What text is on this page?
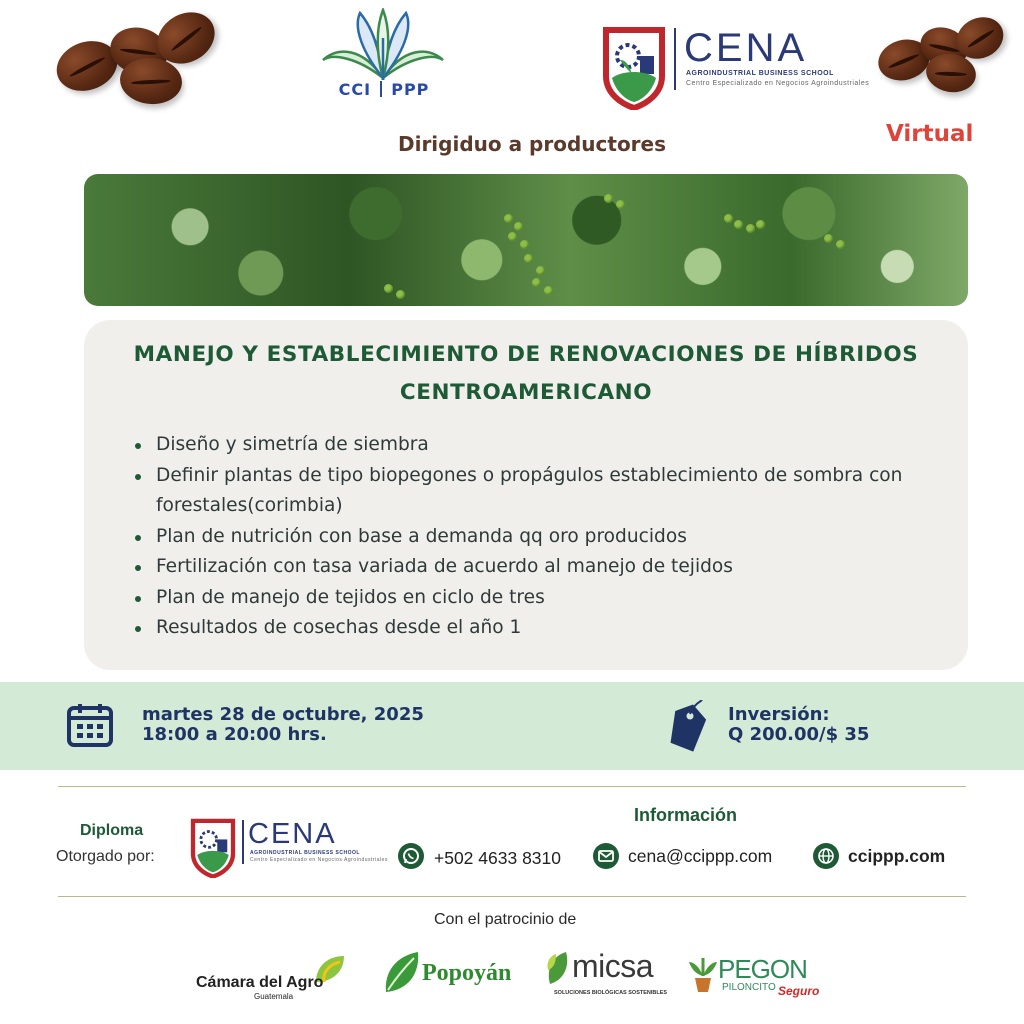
CCI PPP
CENA
AGROINDUSTRIAL BUSINESS SCHOOL
Centro Especializado en Negocios Agroindustriales
Virtual
Dirigiduo a productores
MANEJO Y ESTABLECIMIENTO DE RENOVACIONES DE HÍBRIDOS
CENTROAMERICANO
Diseño y simetría de siembra
Definir plantas de tipo biopegones o propágulos establecimiento de sombra con forestales(corimbia)
Plan de nutrición con base a demanda qq oro producidos
Fertilización con tasa variada de acuerdo al manejo de tejidos
Plan de manejo de tejidos en ciclo de tres
Resultados de cosechas desde el año 1
martes 28 de octubre, 2025
18:00 a 20:00 hrs.
Inversión:
Q 200.00/$ 35
Diploma
Otorgado por:
CENA
AGROINDUSTRIAL BUSINESS SCHOOL
Centro Especializado en Negocios Agroindustriales
Información
+502 4633 8310	cena@ccippp.com	ccippp.com
Con el patrocinio de
Cámara del Agro
Guatemala
Popoyán micsa
SOLUCIONES BIOLÓGICAS SOSTENIBLES
PEGON
PILONCITO Seguro
